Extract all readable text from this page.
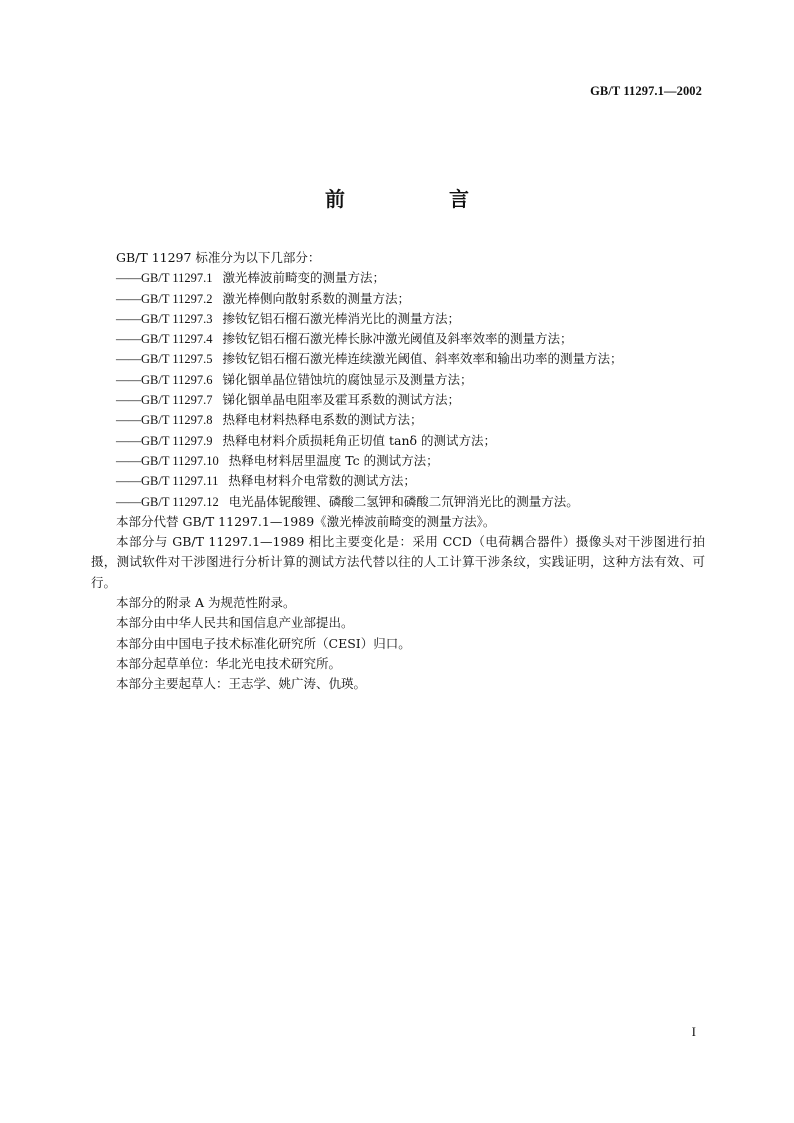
GB/T 11297.1—2002
前　言

GB/T 11297 标准分为以下几部分：

——GB/T 11297.1 激光棒波前畸变的测量方法；

——GB/T 11297.2 激光棒侧向散射系数的测量方法；

——GB/T 11297.3 掺钕钇铝石榴石激光棒消光比的测量方法；

——GB/T 11297.4 掺钕钇铝石榴石激光棒长脉冲激光阈值及斜率效率的测量方法；

——GB/T 11297.5 掺钕钇铝石榴石激光棒连续激光阈值、斜率效率和输出功率的测量方法；

——GB/T 11297.6 锑化铟单晶位错蚀坑的腐蚀显示及测量方法；

——GB/T 11297.7 锑化铟单晶电阻率及霍耳系数的测试方法；

——GB/T 11297.8 热释电材料热释电系数的测试方法；

——GB/T 11297.9 热释电材料介质损耗角正切值 tanδ 的测试方法；

——GB/T 11297.10 热释电材料居里温度 Tc 的测试方法；

——GB/T 11297.11 热释电材料介电常数的测试方法；

——GB/T 11297.12 电光晶体铌酸锂、磷酸二氢钾和磷酸二氘钾消光比的测量方法。

本部分代替 GB/T 11297.1—1989《激光棒波前畸变的测量方法》。

本部分与 GB/T 11297.1—1989 相比主要变化是：采用 CCD（电荷耦合器件）摄像头对干涉图进行拍摄，测试软件对干涉图进行分析计算的测试方法代替以往的人工计算干涉条纹，实践证明，这种方法有效、可行。

本部分的附录 A 为规范性附录。

本部分由中华人民共和国信息产业部提出。

本部分由中国电子技术标准化研究所（CESI）归口。

本部分起草单位：华北光电技术研究所。

本部分主要起草人：王志学、姚广涛、仇瑛。

I
